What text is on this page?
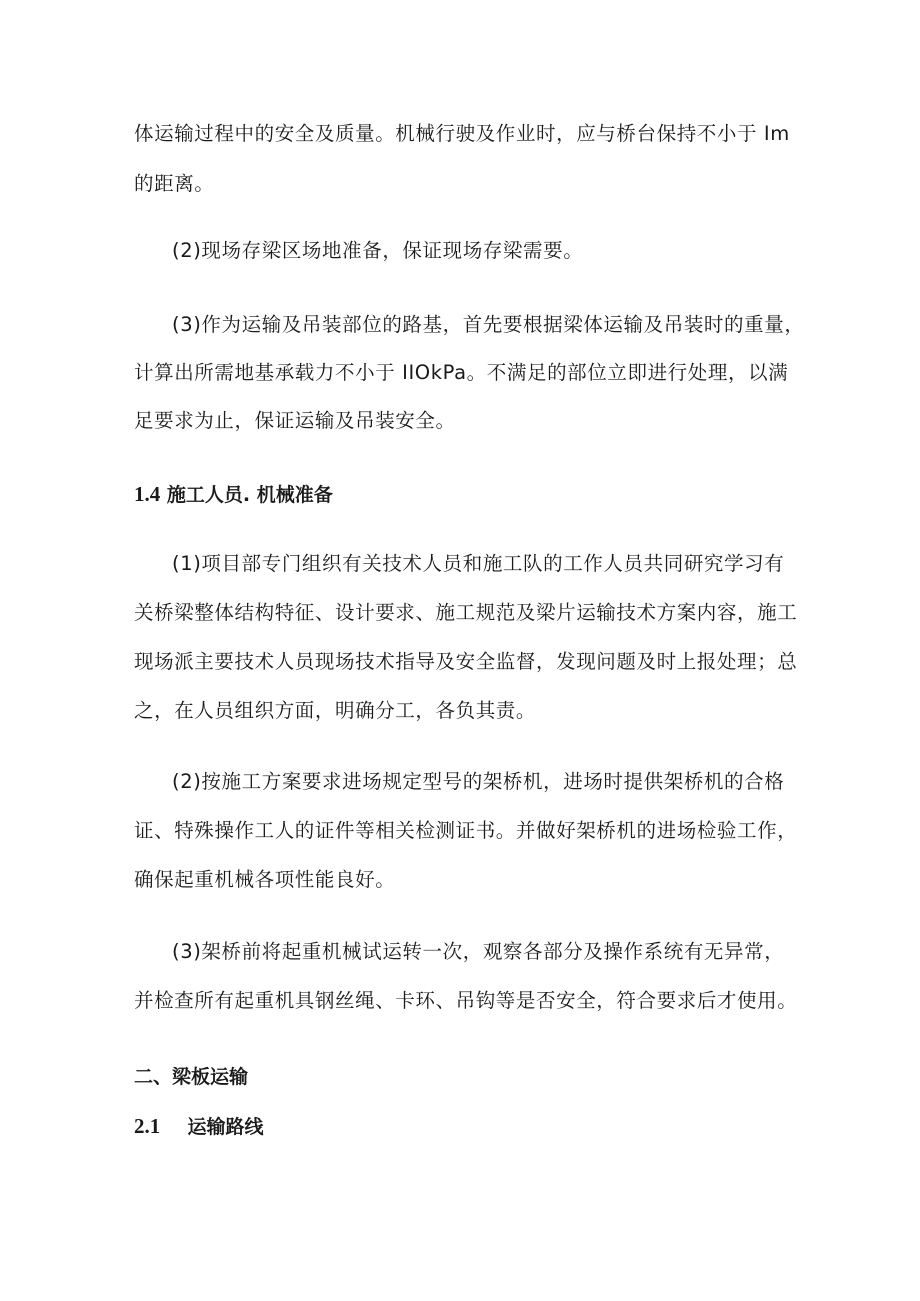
体运输过程中的安全及质量。机械行驶及作业时，应与桥台保持不小于 Im
的距离。
(2)现场存梁区场地准备，保证现场存梁需要。
(3)作为运输及吊装部位的路基，首先要根据梁体运输及吊装时的重量，
计算出所需地基承载力不小于 IIOkPa。不满足的部位立即进行处理，以满
足要求为止，保证运输及吊装安全。
1.4 施工人员. 机械准备
(1)项目部专门组织有关技术人员和施工队的工作人员共同研究学习有
关桥梁整体结构特征、设计要求、施工规范及梁片运输技术方案内容，施工
现场派主要技术人员现场技术指导及安全监督，发现问题及时上报处理；总
之，在人员组织方面，明确分工，各负其责。
(2)按施工方案要求进场规定型号的架桥机，进场时提供架桥机的合格
证、特殊操作工人的证件等相关检测证书。并做好架桥机的进场检验工作，
确保起重机械各项性能良好。
(3)架桥前将起重机械试运转一次，观察各部分及操作系统有无异常，
并检查所有起重机具钢丝绳、卡环、吊钩等是否安全，符合要求后才使用。
二、梁板运输
2.1 运输路线
